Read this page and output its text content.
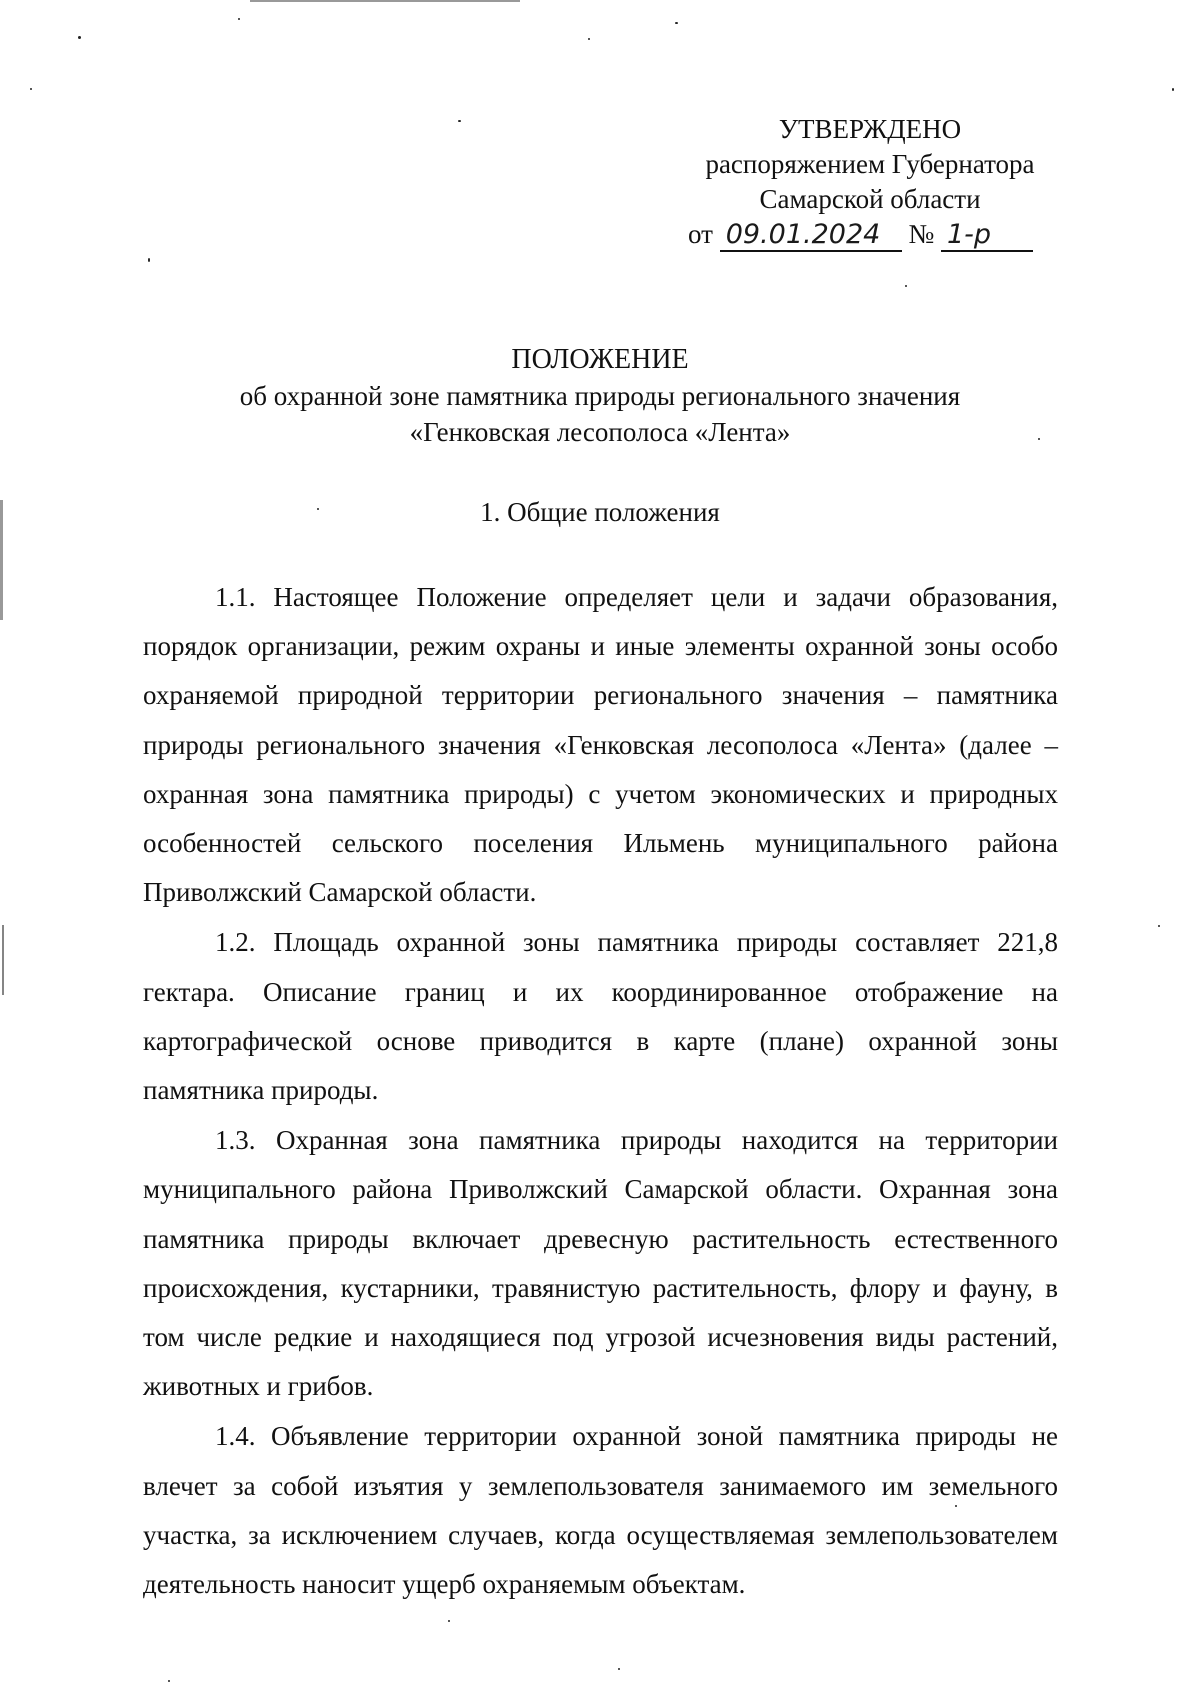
УТВЕРЖДЕНО
распоряжением Губернатора
Самарской области
от 09.01.2024 № 1-р
ПОЛОЖЕНИЕ
об охранной зоне памятника природы регионального значения
«Генковская лесополоса «Лента»
1. Общие положения

1.1. Настоящее Положение определяет цели и задачи образования, порядок организации, режим охраны и иные элементы охранной зоны особо охраняемой природной территории регионального значения – памятника природы регионального значения «Генковская лесополоса «Лента» (далее – охранная зона памятника природы) с учетом экономических и природных особенностей сельского поселения Ильмень муниципального района Приволжский Самарской области.

1.2. Площадь охранной зоны памятника природы составляет 221,8 гектара. Описание границ и их координированное отображение на картографической основе приводится в карте (плане) охранной зоны памятника природы.

1.3. Охранная зона памятника природы находится на территории муниципального района Приволжский Самарской области. Охранная зона памятника природы включает древесную растительность естественного происхождения, кустарники, травянистую растительность, флору и фауну, в том числе редкие и находящиеся под угрозой исчезновения виды растений, животных и грибов.

1.4. Объявление территории охранной зоной памятника природы не влечет за собой изъятия у землепользователя занимаемого им земельного участка, за исключением случаев, когда осуществляемая землепользователем деятельность наносит ущерб охраняемым объектам.
